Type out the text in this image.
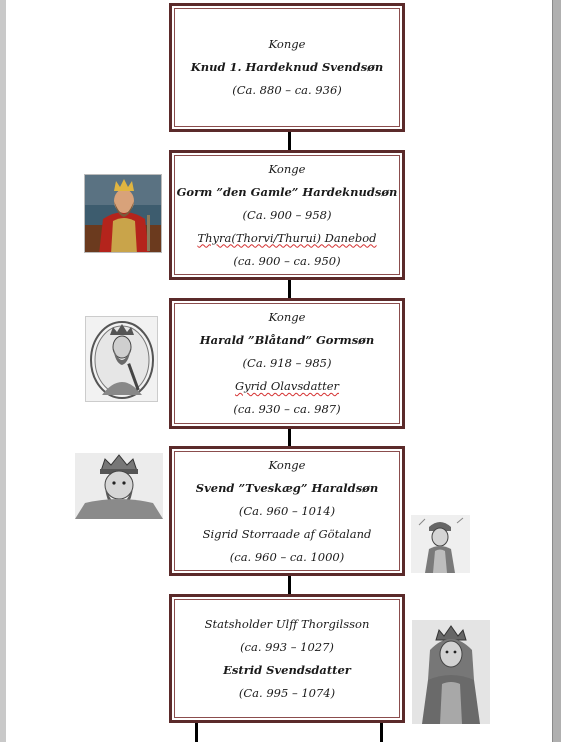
Konge
Knud 1. Hardeknud Svendsøn
(Ca. 880 – ca. 936)
Konge
Gorm ”den Gamle” Hardeknudsøn
(Ca. 900 – 958)
Thyra(Thorvi/Thurui) Danebod
(ca. 900 – ca. 950)
Konge
Harald ”Blåtand” Gormsøn
(Ca. 918 – 985)
Gyrid Olavsdatter
(ca. 930 – ca. 987)
Konge
Svend ”Tveskæg” Haraldsøn
(Ca. 960 – 1014)
Sigrid Storraade af Götaland
(ca. 960 – ca. 1000)
Statsholder Ulff Thorgilsson
(ca. 993 – 1027)
Estrid Svendsdatter
(Ca. 995 – 1074)
